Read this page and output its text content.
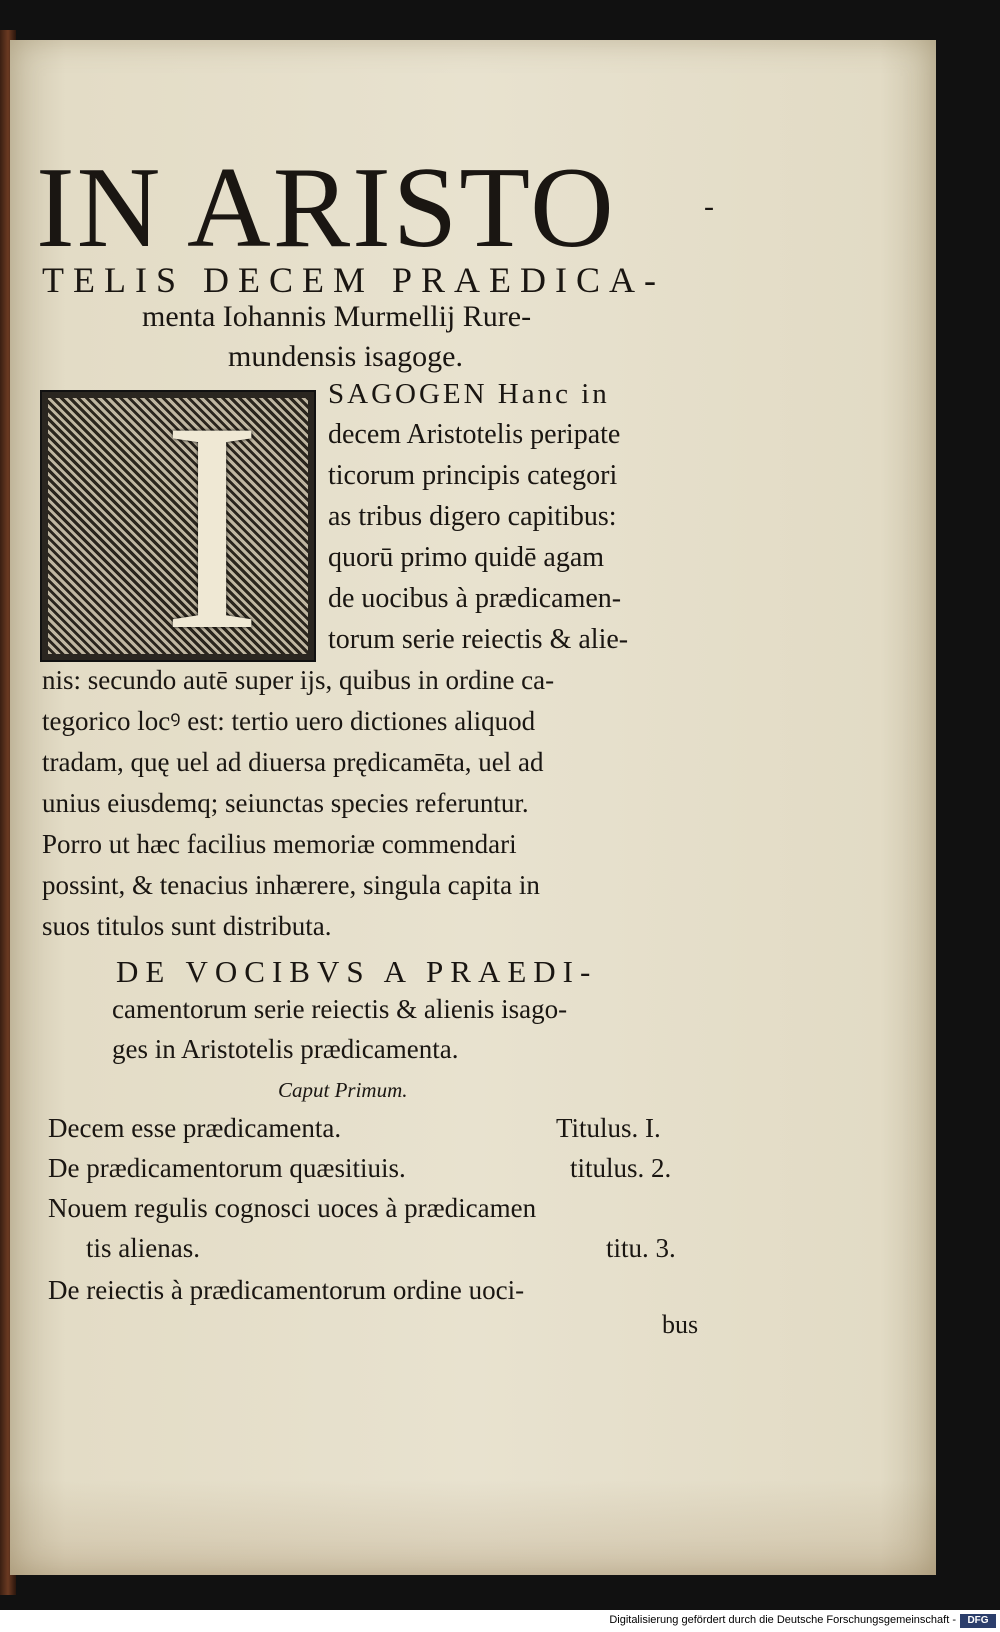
IN ARISTO	-
TELIS DECEM PRAEDICA-
menta Iohannis Murmellij Rure-
mundensis isagoge.
I SAGOGEN Hanc in
decem Aristotelis peripate
ticorum principis categori
as tribus digero capitibus:
quorū primo quidē agam
de uocibus à prædicamen-
torum serie reiectis & alie-
nis: secundo autē super ijs, quibus in ordine ca-
tegorico locꝰ est: tertio uero dictiones aliquod
tradam, quę uel ad diuersa prędicamēta, uel ad
unius eiusdemq; seiunctas species referuntur.
Porro ut hæc facilius memoriæ commendari
possint, & tenacius inhærere, singula capita in
suos titulos sunt distributa.
DE VOCIBVS A PRAEDI-
camentorum serie reiectis & alienis isago-
ges in Aristotelis prædicamenta.
Caput Primum.
Decem esse prædicamenta.	Titulus. I.
De prædicamentorum quæsitiuis.	titulus. 2.
Nouem regulis cognosci uoces à prædicamen
tis alienas.	titu. 3.
De reiectis à prædicamentorum ordine uoci-
bus
Digitalisierung gefördert durch die Deutsche Forschungsgemeinschaft -	DFG
